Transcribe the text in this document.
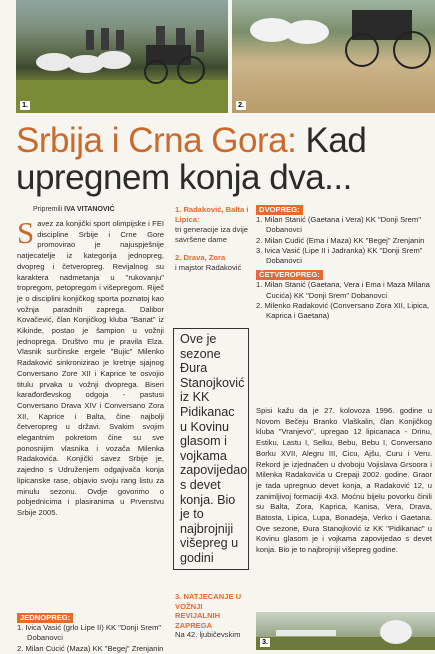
1.	2.
3.
Srbija i Crna Gora: Kad upregnem konja dva...
Pripremili IVA VITANOVIĆ
Savez za konjički sport olimpijske i FEI discipline Srbije i Crne Gore promovirao je najuspješnije natjecatelje iz kategorija jednopreg, dvopreg i četveropreg. Revijalnog su karaktera nadmetanja u "rukovanju" tropregom, petopregom i višepregom. Riječ je o disciplini konjičkog sporta poznatoj kao vožnja paradnih zaprega. Dalibor Kovačević, član Konjičkog kluba "Banat" iz Kikinde, postao je šampion u vožnji jednoprega. Društvo mu je pravila Elza. Vlasnik surčinske ergele "Bujic" Milenko Radaković sinkronizirao je kretnje sjajnog Conversano Zore XII i Kaprice te osvojio titulu prvaka u vožnji dvoprega. Biseri karađorđevskog odgoja - pastusi Conversano Drava XIV i Conversano Zora XII, Kaprice i Balta, čine najbolji četveropreg u državi. Svakim svojim elegantnim pokretom čine su sve ponosnijim vlasnika i vozača Milenka Radakovića. Konjički savez Srbije je, zajedno s Udruženjem odgajivača konja lipicanske rase, objavio svoju rang listu za minulu sezonu. Ovdje govorimo o pobjednicima i plasiranima u Prvenstvu Srbije 2005.
JEDNOPREG:
1. Ivica Vasić (grlo Lipe II) KK "Donji Srem" Dobanovci
2. Milan Cucić (Maza) KK "Begej" Zrenjanin
1. Radaković, Balta i Lipica:
tri generacije iza dvije savršene dame
2. Drava, Zora
i majstor Radaković
Ove je sezone Đura Stanojković iz KK Pidikanac u Kovinu glasom i vojkama zapovijedao s devet konja. Bio je to najbrojniji višepreg u godini
3. NATJECANJE U VOŽNJI REVIJALNIH ZAPREGA
Na 42. ljubičevskim
DVOPREG:
1. Milan Stanić (Gaetana i Vera) KK "Donji Srem" Dobanovci
2. Milan Cudić (Ema i Maza) KK "Begej" Zrenjanin
3. Ivica Vasić (Lipe II i Jadranka) KK "Donji Srem" Dobanovci
ČETVEROPREG:
1. Milan Stanić (Gaetana, Vera i Ema i Maza Milana Cucića) KK "Donji Srem" Dobanovci
2. Milenko Radaković (Conversano Zora XII, Lipica, Kaprica i Gaetana)
Spisi kažu da je 27. kolovoza 1996. godine u Novom Bečeju Branko Vlaškalin, član Konjičkog kluba "Vranjevo", upregao 12 lipicanaca - Drinu, Estiku, Lastu I, Selku, Bebu, Bebu I, Conversano Borku XVII, Alegru III, Cicu, Ajšu, Curu i Veru. Rekord je izjednačen u dvoboju Vojislava Grsoora i Milenka Radakovića u Crepaji 2002. godine. Graor je tada upregnuo devet konja, a Radaković 12, u zanimljivoj formaciji 4x3. Moćnu bijelu povorku činili su Balta, Zora, Kaprica, Kanisa, Vera, Drava, Batosta, Lipica, Lupa, Bonadeja, Verko i Gaetana. Ove sezone, Đura Stanojković iz KK "Pidikanac" u Kovinu glasom je i vojkama zapovijedao s devet konja. Bio je to najbrojniji višepreg godine.
